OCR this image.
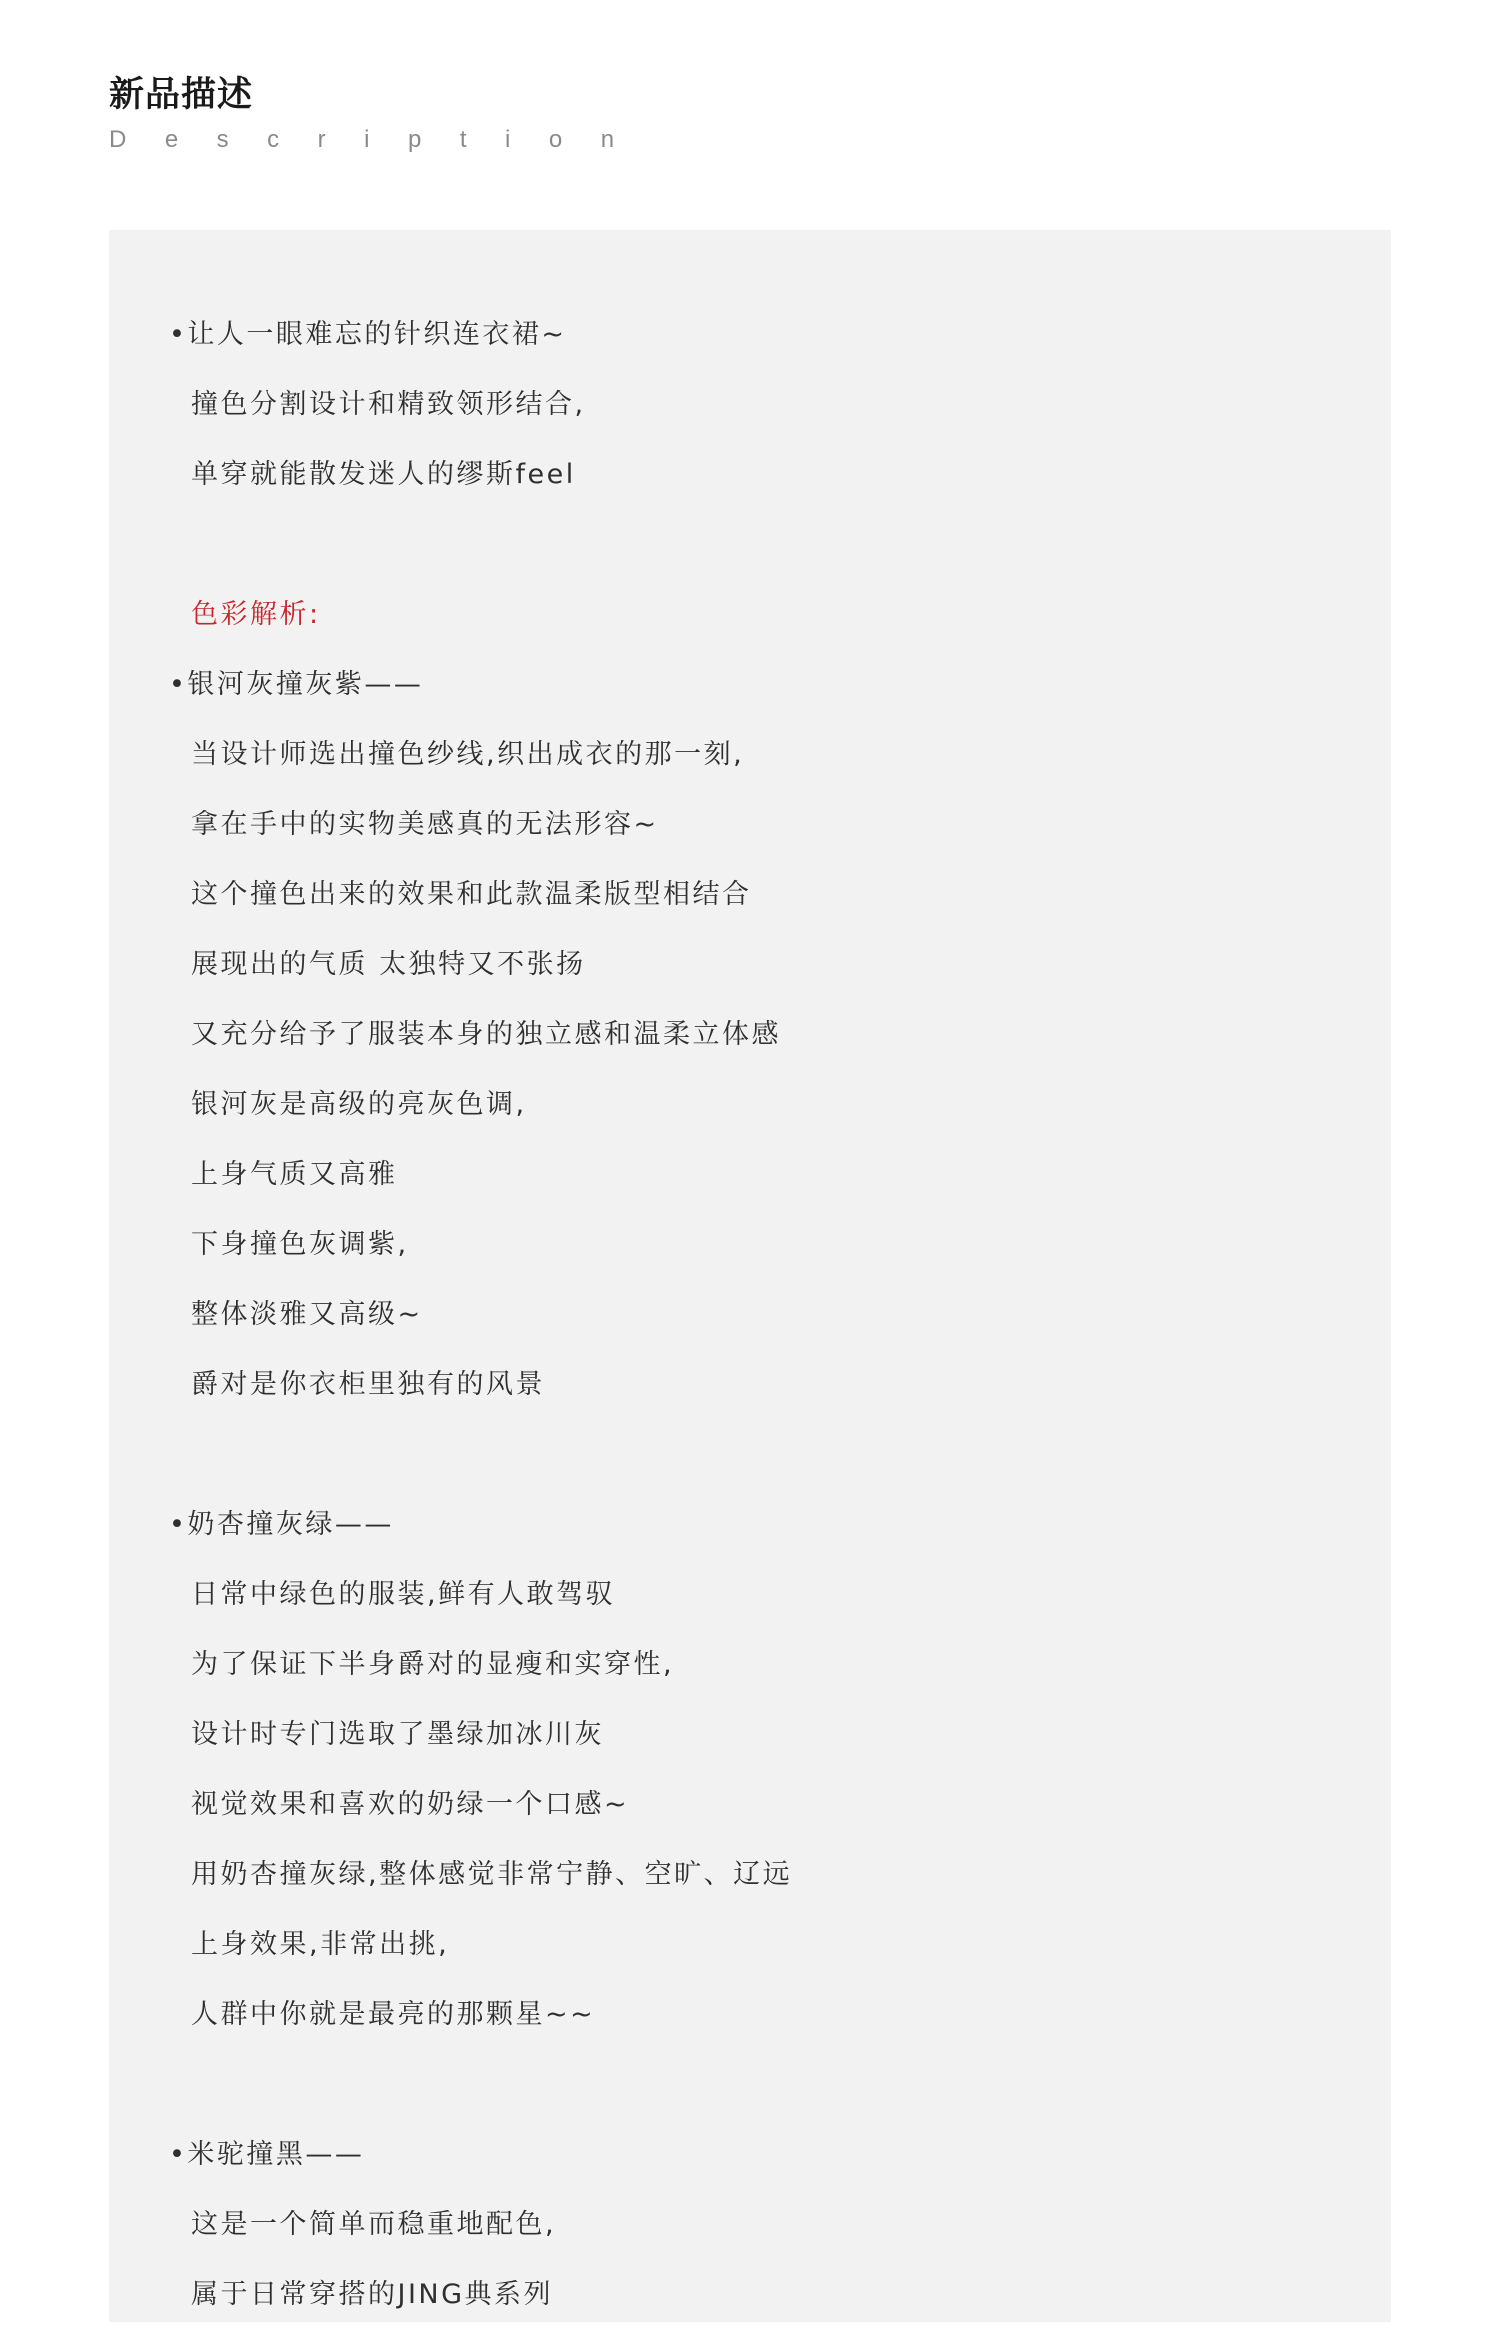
新品描述
Description
•让人一眼难忘的针织连衣裙~
撞色分割设计和精致领形结合,
单穿就能散发迷人的缪斯feel
色彩解析:
•银河灰撞灰紫——
当设计师选出撞色纱线,织出成衣的那一刻,
拿在手中的实物美感真的无法形容~
这个撞色出来的效果和此款温柔版型相结合
展现出的气质 太独特又不张扬
又充分给予了服装本身的独立感和温柔立体感
银河灰是高级的亮灰色调,
上身气质又高雅
下身撞色灰调紫,
整体淡雅又高级~
爵对是你衣柜里独有的风景
•奶杏撞灰绿——
日常中绿色的服装,鲜有人敢驾驭
为了保证下半身爵对的显瘦和实穿性,
设计时专门选取了墨绿加冰川灰
视觉效果和喜欢的奶绿一个口感~
用奶杏撞灰绿,整体感觉非常宁静、空旷、辽远
上身效果,非常出挑,
人群中你就是最亮的那颗星~~
•米驼撞黑——
这是一个简单而稳重地配色,
属于日常穿搭的JING典系列
